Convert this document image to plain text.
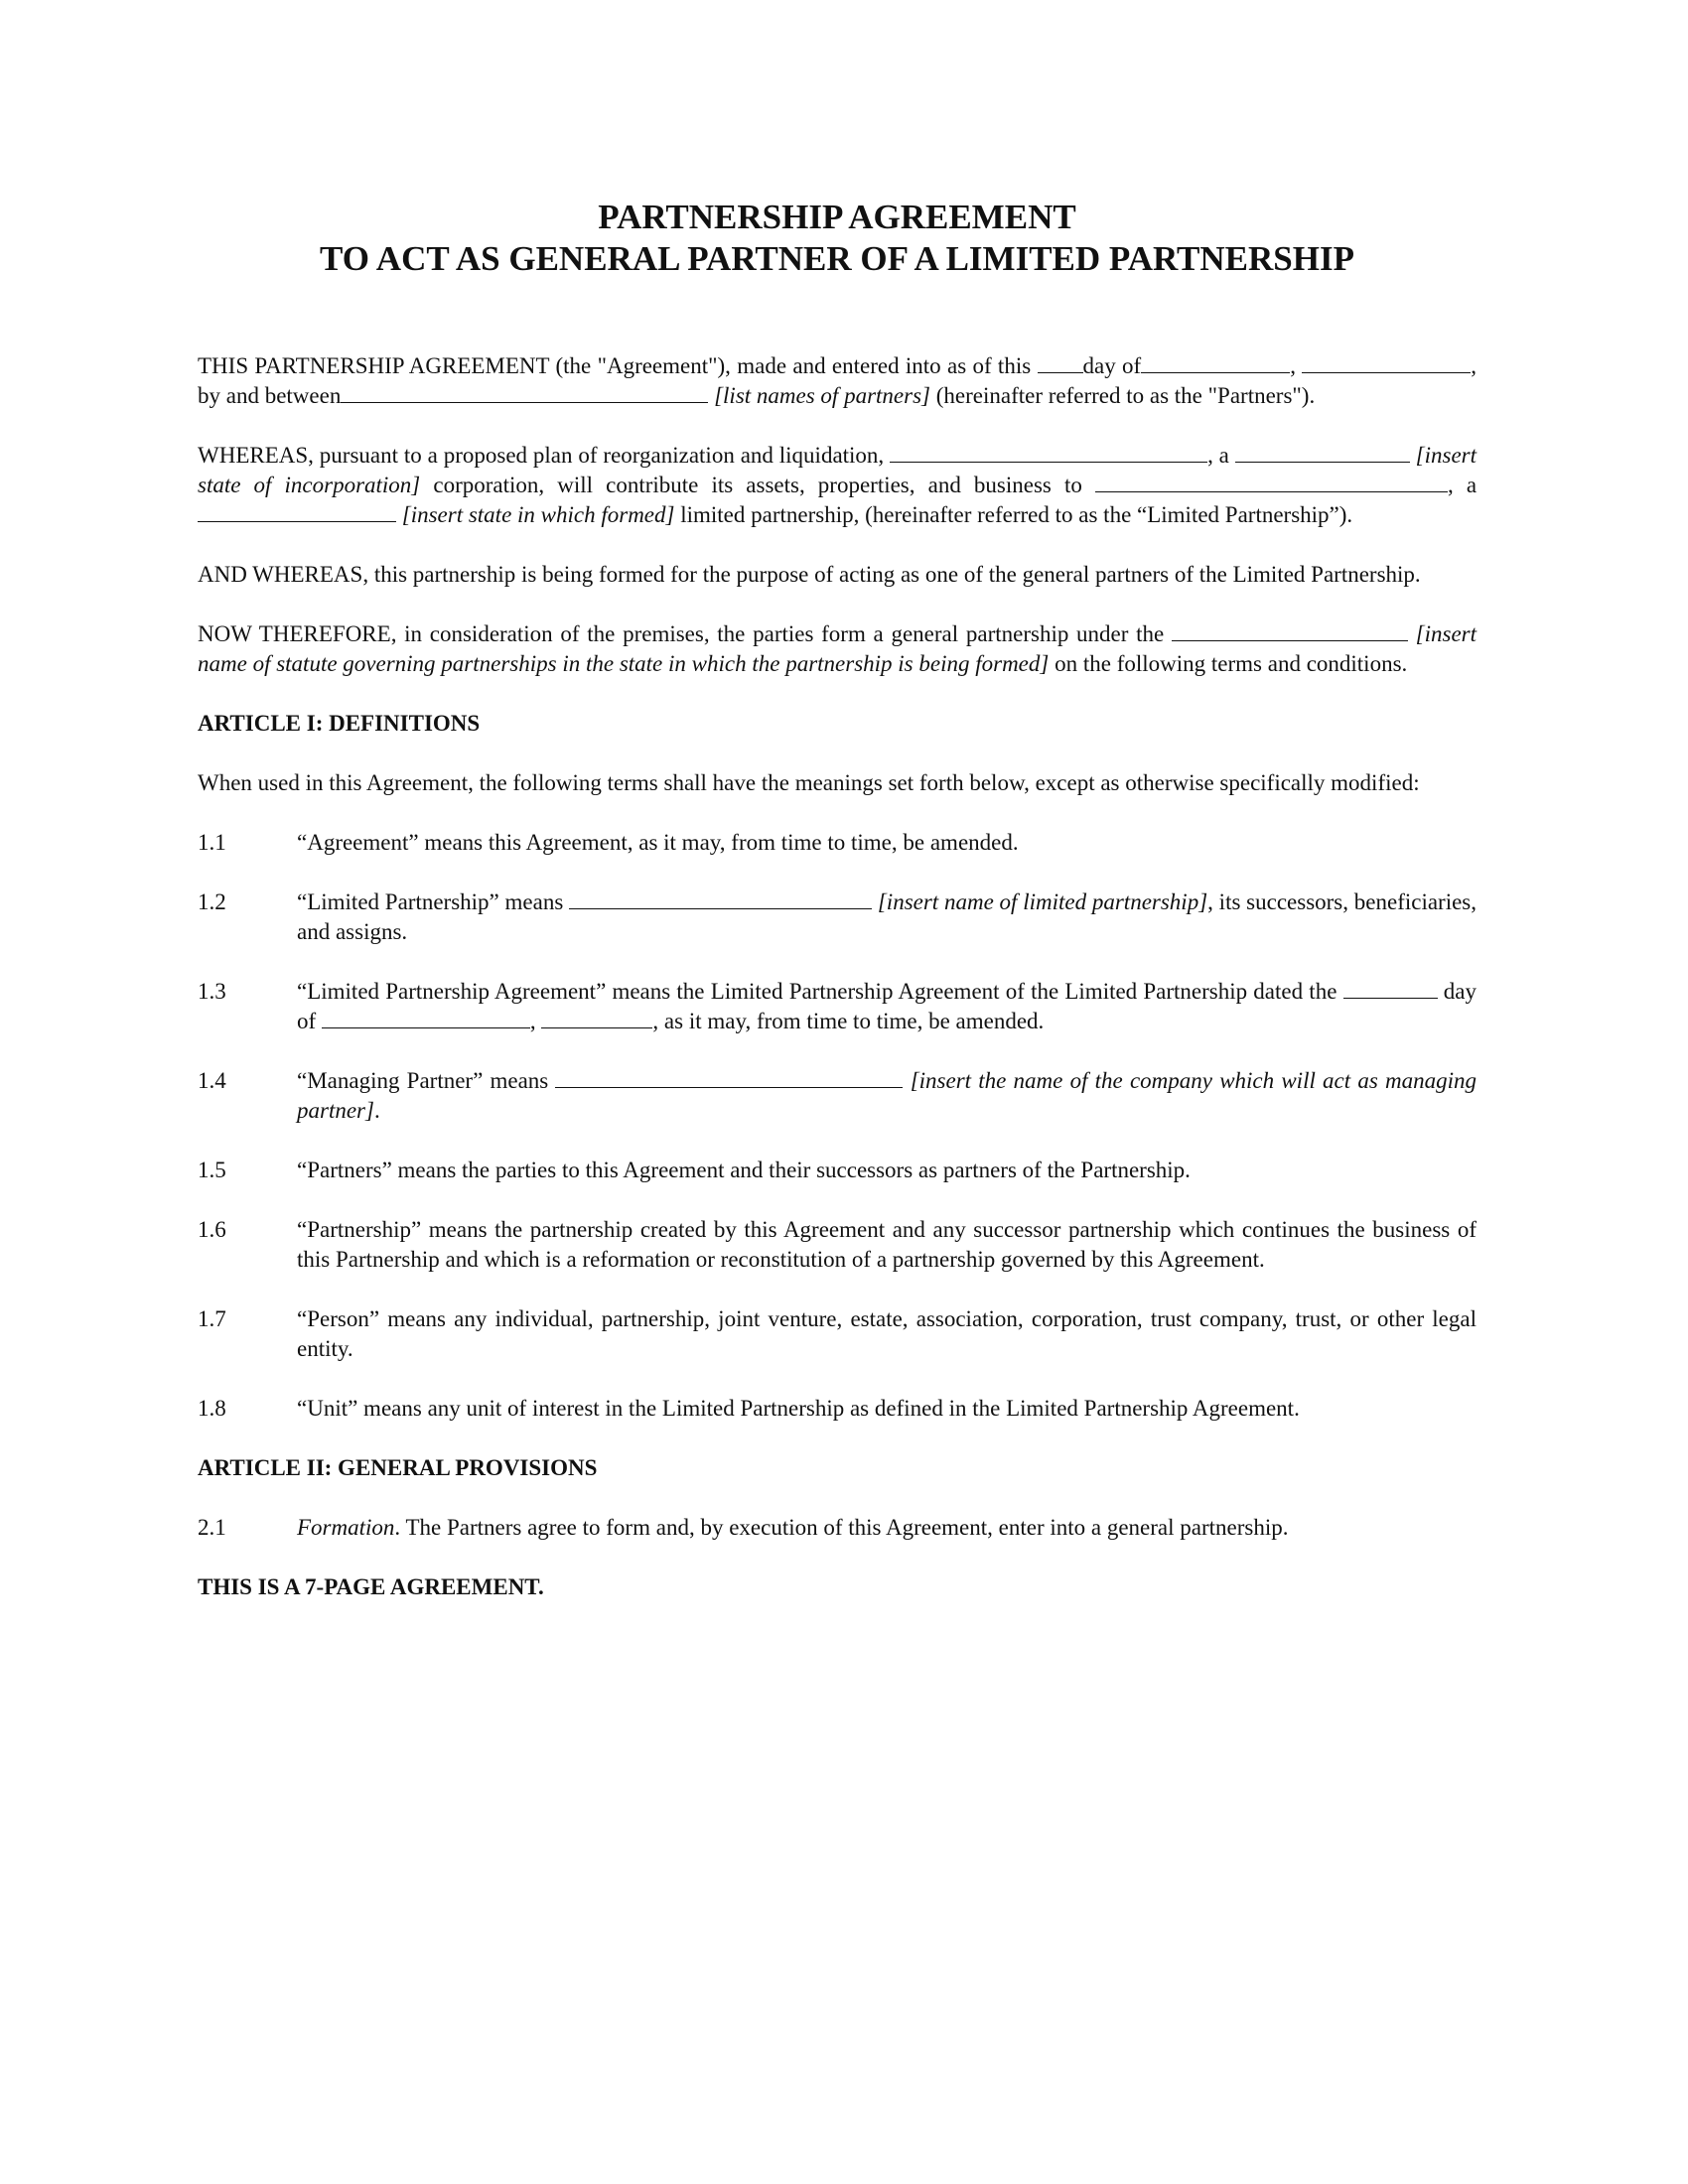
PARTNERSHIP AGREEMENT

TO ACT AS GENERAL PARTNER OF A LIMITED PARTNERSHIP

THIS PARTNERSHIP AGREEMENT (the "Agreement"), made and entered into as of this day of	,	, by and between	[list names of partners] (hereinafter referred to as the "Partners").

WHEREAS, pursuant to a proposed plan of reorganization and liquidation,	, a	[insert state of incorporation] corporation, will contribute its assets, properties, and business to	, a  [insert state in which formed] limited partnership, (hereinafter referred to as the “Limited Partnership”).

AND WHEREAS, this partnership is being formed for the purpose of acting as one of the general partners of the Limited Partnership.

NOW THEREFORE, in consideration of the premises, the parties form a general partnership under the	[insert name of statute governing partnerships in the state in which the partnership is being formed] on the following terms and conditions.

ARTICLE I: DEFINITIONS

When used in this Agreement, the following terms shall have the meanings set forth below, except as otherwise specifically modified:

1.1	“Agreement” means this Agreement, as it may, from time to time, be amended.
1.2	“Limited Partnership” means	[insert name of limited partnership], its successors, beneficiaries, and assigns.
1.3	“Limited Partnership Agreement” means the Limited Partnership Agreement of the Limited Partnership dated the	day of	,	, as it may, from time to time, be amended.
1.4	“Managing Partner” means	[insert the name of the company which will act as managing partner].
1.5	“Partners” means the parties to this Agreement and their successors as partners of the Partnership.
1.6	“Partnership” means the partnership created by this Agreement and any successor partnership which continues the business of this Partnership and which is a reformation or reconstitution of a partnership governed by this Agreement.
1.7	“Person” means any individual, partnership, joint venture, estate, association, corporation, trust company, trust, or other legal entity.
1.8	“Unit” means any unit of interest in the Limited Partnership as defined in the Limited Partnership Agreement.

ARTICLE II: GENERAL PROVISIONS

2.1	Formation. The Partners agree to form and, by execution of this Agreement, enter into a general partnership.

THIS IS A 7-PAGE AGREEMENT.
